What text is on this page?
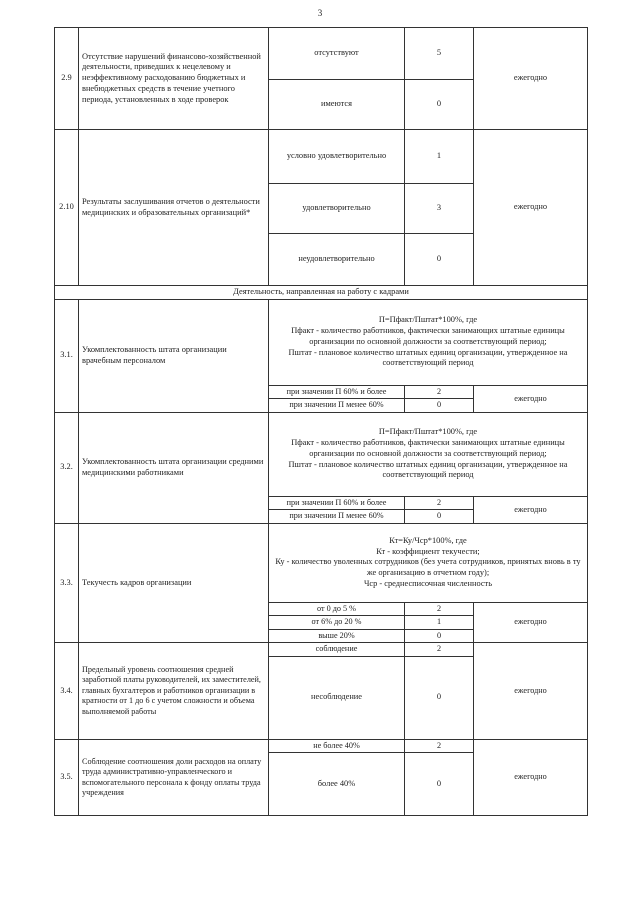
3
2.9	Отсутствие нарушений финансово-хозяйственной деятельности, приведших к нецелевому и неэффективному расходованию бюджетных и внебюджетных средств в течение учетного периода, установленных в ходе проверок	отсутствуют	5	ежегодно
		имеются	0	
2.10	Результаты заслушивания отчетов о деятельности медицинских и образовательных организаций*	условно удовлетворительно	1	ежегодно
		удовлетворительно	3	
		неудовлетворительно	0	
Деятельность, направленная на работу с кадрами				
3.1.	Укомплектованность штата организации врачебным персоналом	П=Пфакт/Пштат*100%, где
Пфакт - количество работников, фактически занимающих штатные единицы организации по основной должности за соответствующий период;
Пштат - плановое количество штатных единиц организации, утвержденное на соответствующий период		

		при значении П 60% и более	2	ежегодно
		при значении П менее 60%	0	
3.2.	Укомплектованность штата организации средними медицинскими работниками	П=Пфакт/Пштат*100%, где
Пфакт - количество работников, фактически занимающих штатные единицы организации по основной должности за соответствующий период;
Пштат - плановое количество штатных единиц организации, утвержденное на соответствующий период		

		при значении П 60% и более	2	ежегодно
		при значении П менее 60%	0	
3.3.	Текучесть кадров организации	Кт=Ку/Чср*100%, где
Кт - коэффициент текучести;
Ку - количество уволенных сотрудников (без учета сотрудников, принятых вновь в ту же организацию в отчетном году);
Чср - среднесписочная численность		

		от 0 до 5 %	2	ежегодно
		от 6% до 20 %	1	
		выше 20%	0	
3.4.	Предельный уровень соотношения средней заработной платы руководителей, их заместителей, главных бухгалтеров и работников организации в кратности от 1 до 6 с учетом сложности и объема выполняемой работы	соблюдение	2	ежегодно
		несоблюдение	0	
3.5.	Соблюдение соотношения доли расходов на оплату труда административно-управленческого и вспомогательного персонала к фонду оплаты труда учреждения	не более 40%	2	ежегодно
		более 40%	0	
